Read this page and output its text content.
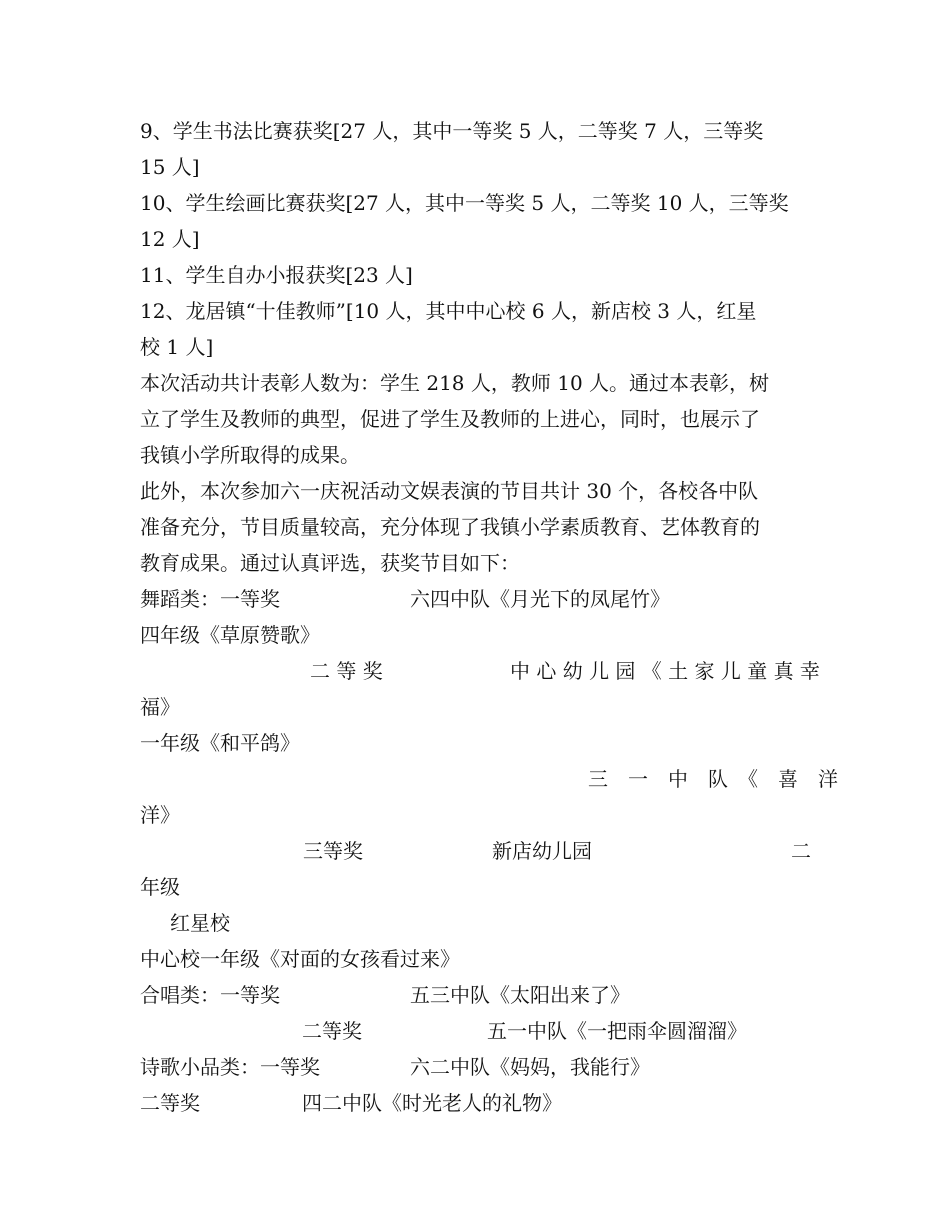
9、学生书法比赛获奖[27 人，其中一等奖 5 人，二等奖 7 人，三等奖
15 人]
10、学生绘画比赛获奖[27 人，其中一等奖 5 人，二等奖 10 人，三等奖
12 人]
11、学生自办小报获奖[23 人]
12、龙居镇“十佳教师”[10 人，其中中心校 6 人，新店校 3 人，红星
校 1 人]
本次活动共计表彰人数为：学生 218 人，教师 10 人。通过本表彰，树
立了学生及教师的典型，促进了学生及教师的上进心，同时，也展示了
我镇小学所取得的成果。
此外，本次参加六一庆祝活动文娱表演的节目共计 30 个，各校各中队
准备充分，节目质量较高，充分体现了我镇小学素质教育、艺体教育的
教育成果。通过认真评选，获奖节目如下：
舞蹈类：一等奖	六四中队《月光下的凤尾竹》
四年级《草原赞歌》
二 等 奖	中 心 幼 儿 园 《 土 家 儿 童 真 幸
福》
一年级《和平鸽》
三　一　中　队　《　喜　洋
洋》
三等奖	新店幼儿园	二
年级
红星校
中心校一年级《对面的女孩看过来》
合唱类：一等奖	五三中队《太阳出来了》
二等奖	五一中队《一把雨伞圆溜溜》
诗歌小品类：一等奖	六二中队《妈妈，我能行》
二等奖	四二中队《时光老人的礼物》
